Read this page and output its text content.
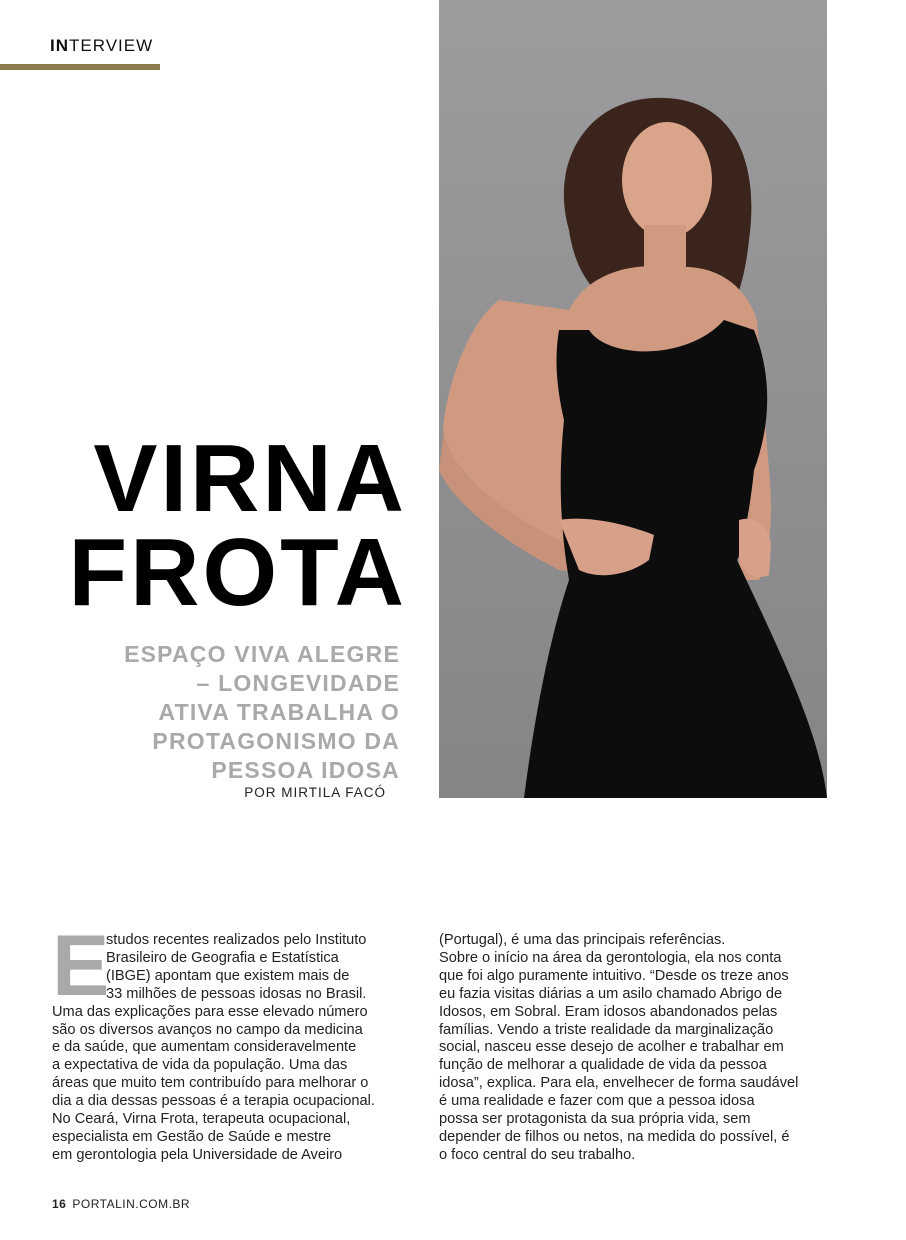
INTERVIEW
VIRNA
FROTA
ESPAÇO VIVA ALEGRE
– LONGEVIDADE
ATIVA TRABALHA O
PROTAGONISMO DA
PESSOA IDOSA
POR MIRTILA FACÓ
E

studos recentes realizados pelo Instituto

Brasileiro de Geografia e Estatística

(IBGE) apontam que existem mais de

33 milhões de pessoas idosas no Brasil.

Uma das explicações para esse elevado número

são os diversos avanços no campo da medicina

e da saúde, que aumentam consideravelmente

a expectativa de vida da população. Uma das

áreas que muito tem contribuído para melhorar o

dia a dia dessas pessoas é a terapia ocupacional.

No Ceará, Virna Frota, terapeuta ocupacional,

especialista em Gestão de Saúde e mestre

em gerontologia pela Universidade de Aveiro

(Portugal), é uma das principais referências.

Sobre o início na área da gerontologia, ela nos conta

que foi algo puramente intuitivo. “Desde os treze anos

eu fazia visitas diárias a um asilo chamado Abrigo de

Idosos, em Sobral. Eram idosos abandonados pelas

famílias. Vendo a triste realidade da marginalização

social, nasceu esse desejo de acolher e trabalhar em

função de melhorar a qualidade de vida da pessoa

idosa”, explica. Para ela, envelhecer de forma saudável

é uma realidade e fazer com que a pessoa idosa

possa ser protagonista da sua própria vida, sem

depender de filhos ou netos, na medida do possível, é

o foco central do seu trabalho.

16 PORTALIN.COM.BR
